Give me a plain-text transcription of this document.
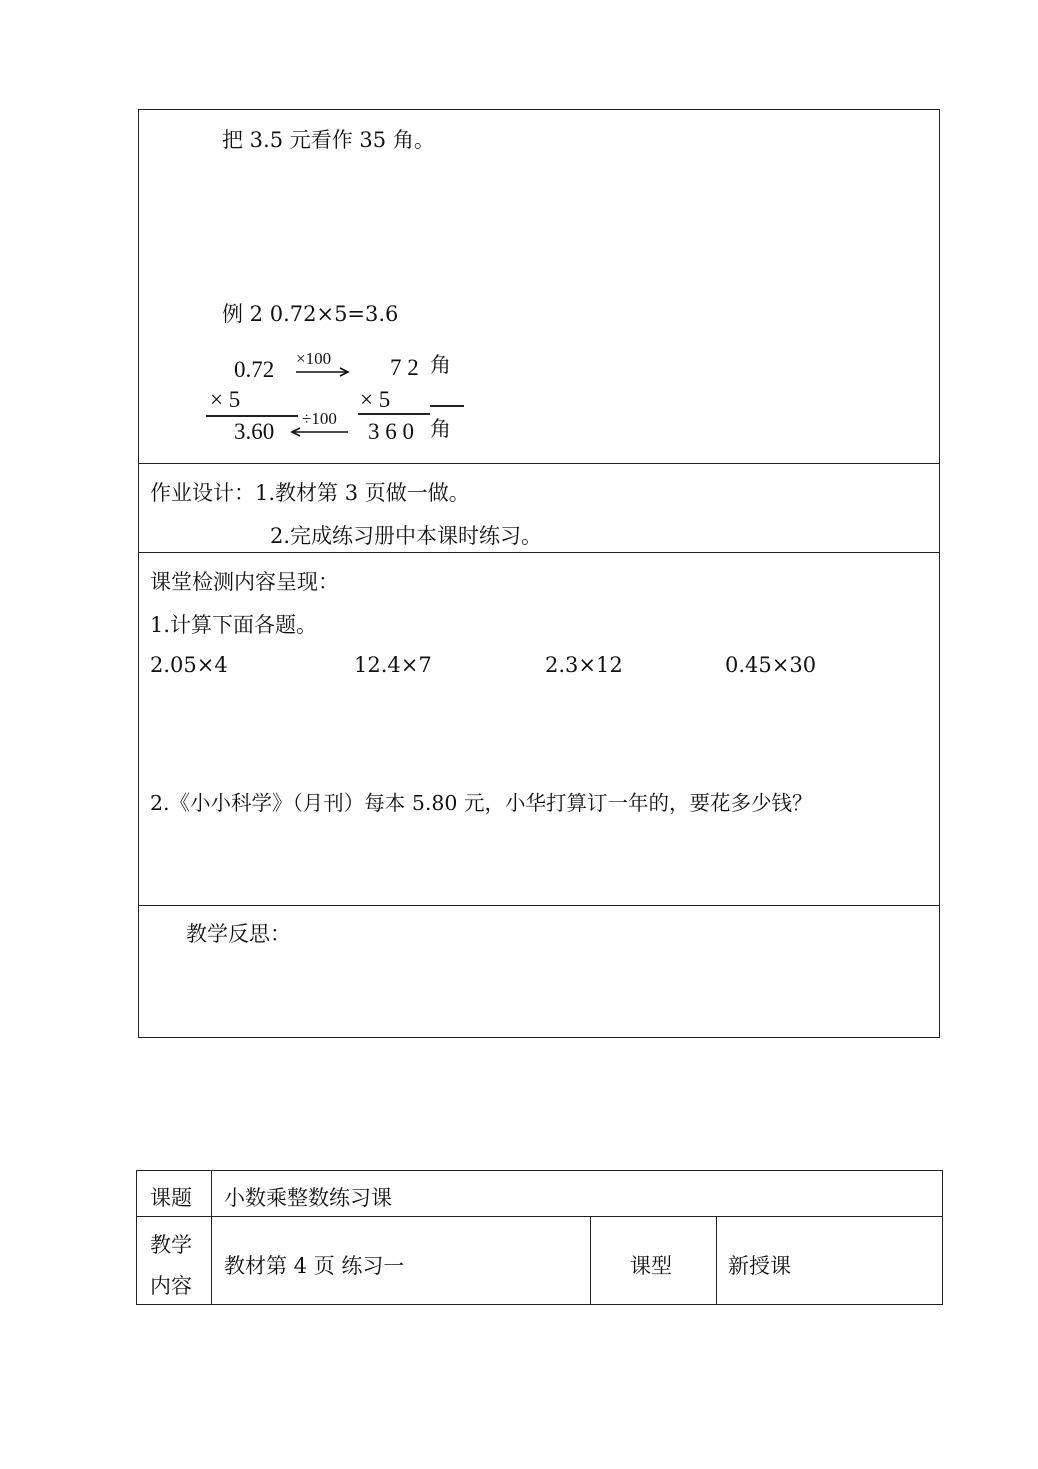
把 3.5 元看作 35 角。
例 2 0.72×5=3.6
0.72
× 5
3.60
×100
÷100
7 2 角
× 5
3 6 0 角
作业设计：1.教材第 3 页做一做。
2.完成练习册中本课时练习。
课堂检测内容呈现：
1.计算下面各题。
2.05×4	12.4×7	2.3×12	0.45×30
2.《小小科学》（月刊）每本 5.80 元，小华打算订一年的，要花多少钱？
教学反思：
课题 小数乘整数练习课
教学
内容
教材第 4 页 练习一	课型	新授课
